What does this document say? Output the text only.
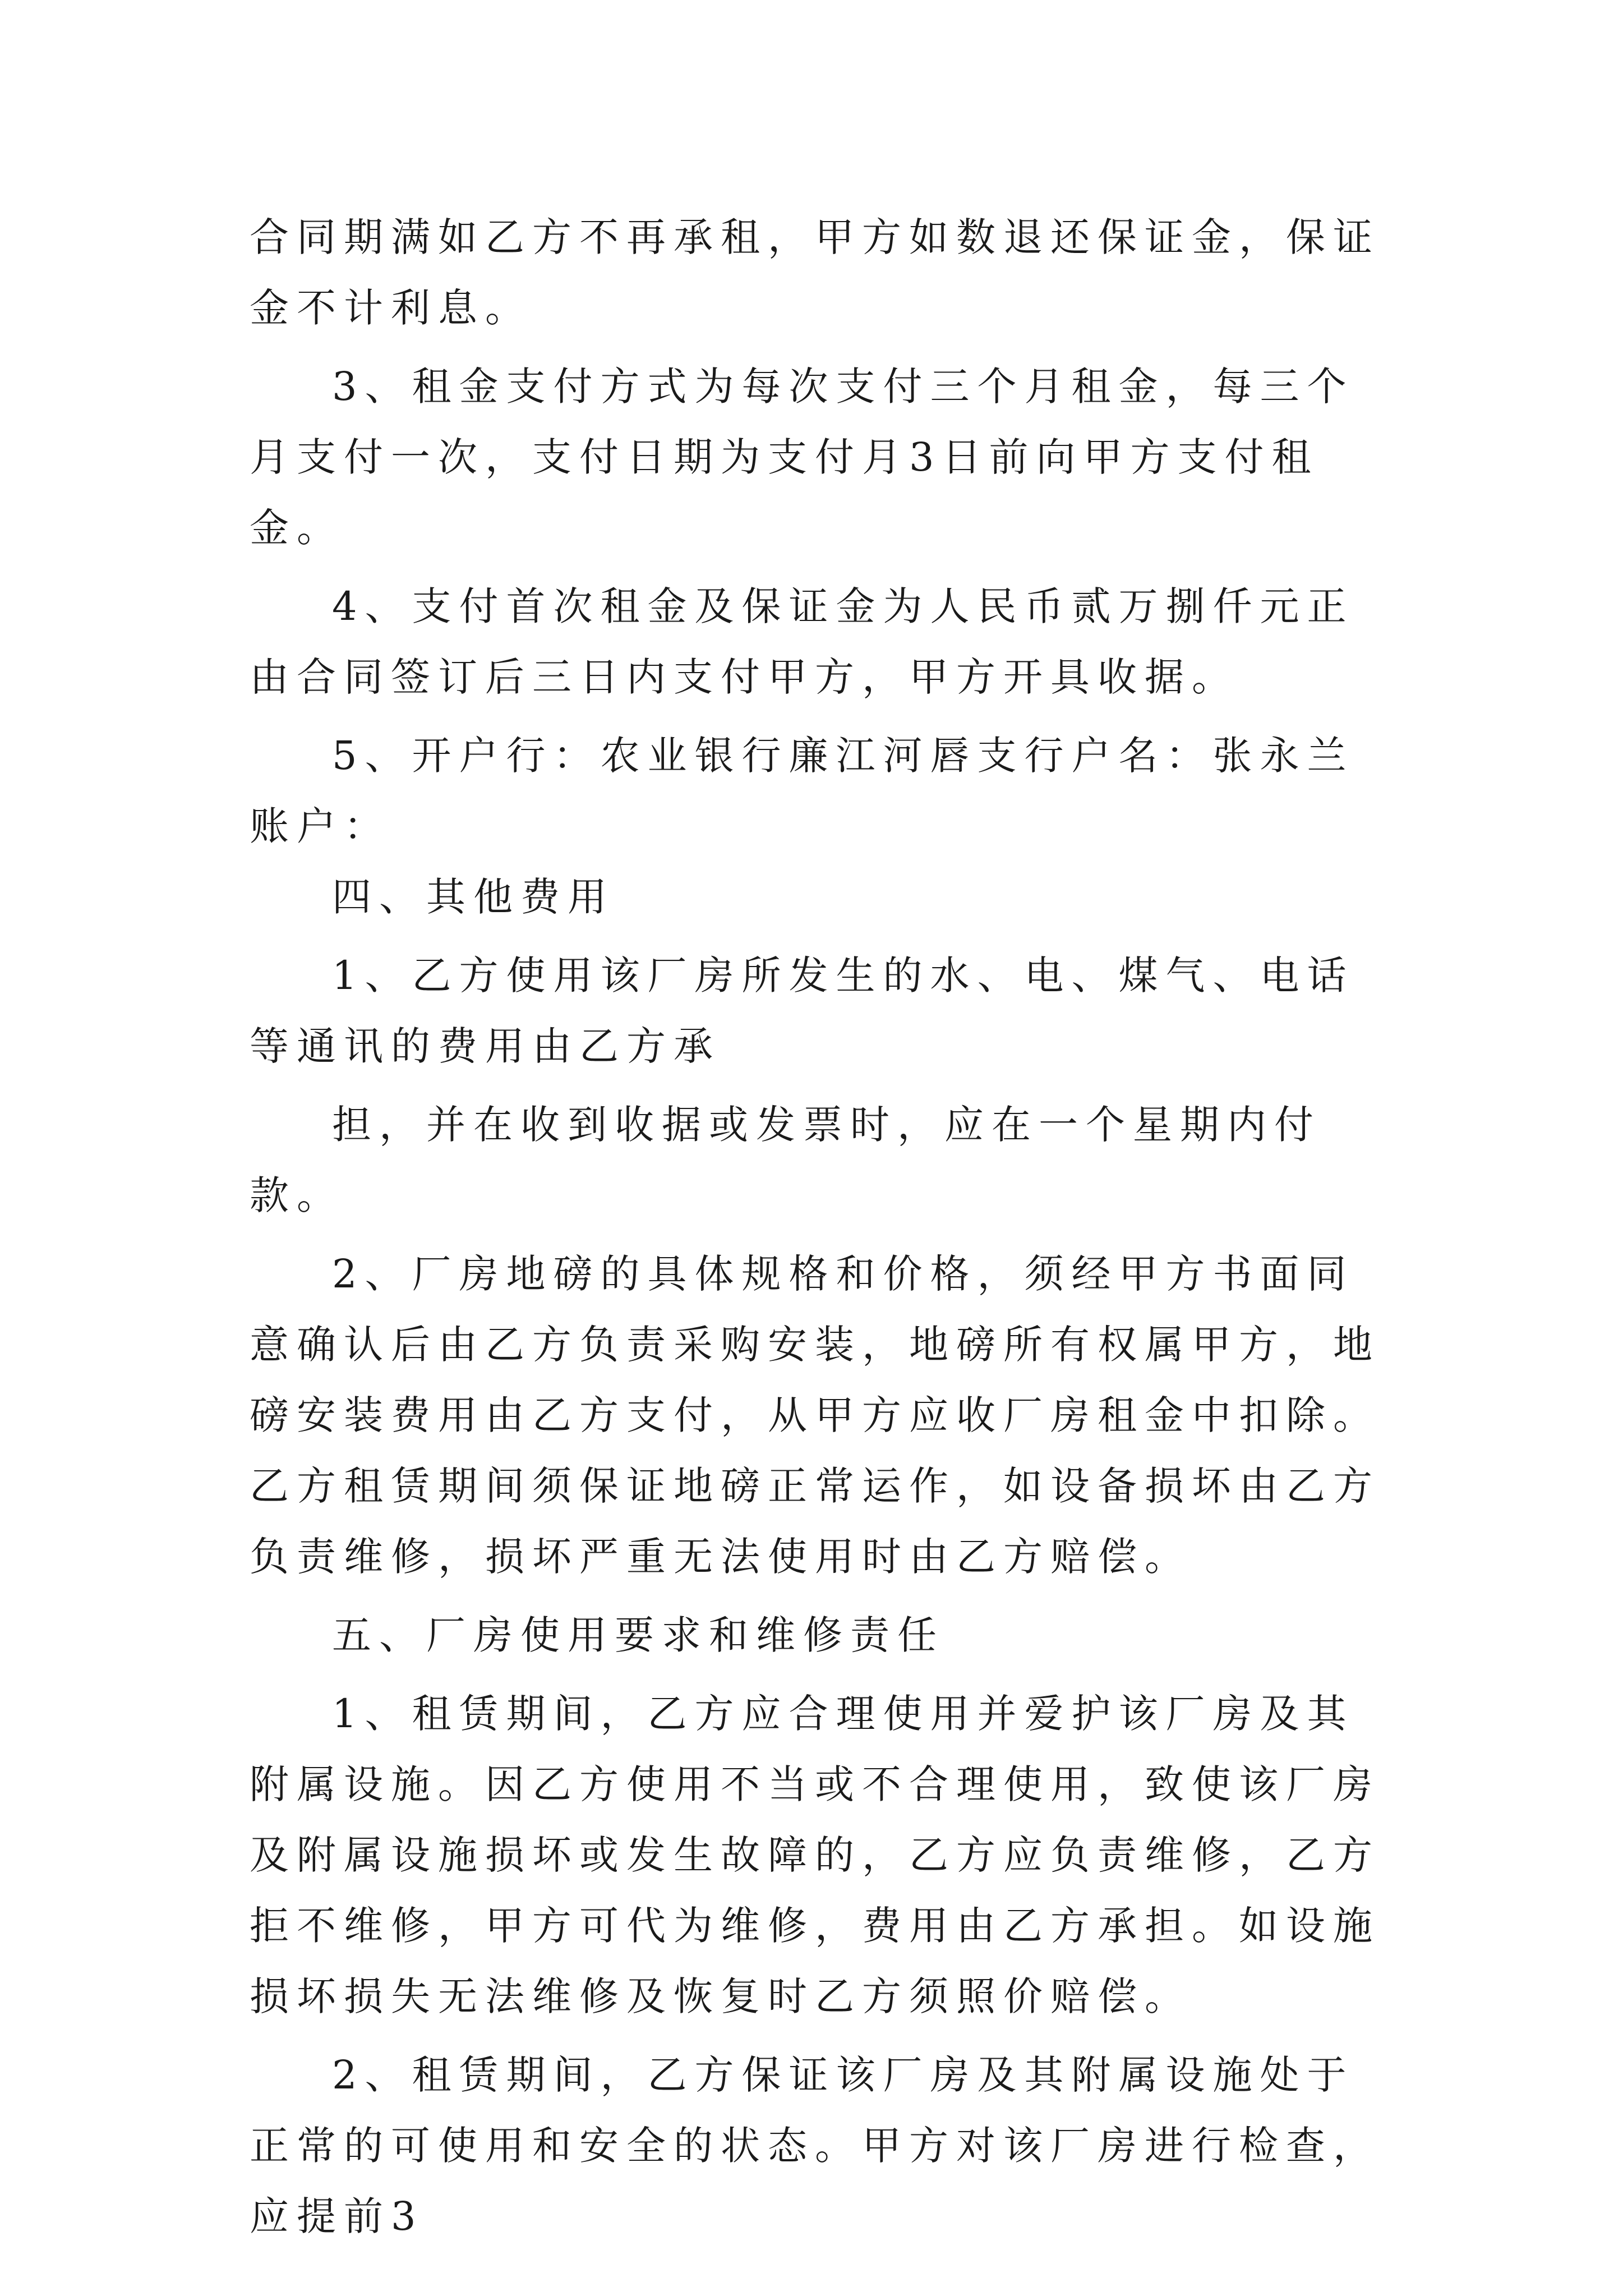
合同期满如乙方不再承租，甲方如数退还保证金，保证金不计利息。

3、租金支付方式为每次支付三个月租金，每三个月支付一次，支付日期为支付月3日前向甲方支付租金。

4、支付首次租金及保证金为人民币贰万捌仟元正由合同签订后三日内支付甲方，甲方开具收据。

5、开户行：农业银行廉江河唇支行户名：张永兰账户：

四、其他费用

1、乙方使用该厂房所发生的水、电、煤气、电话等通讯的费用由乙方承

担，并在收到收据或发票时，应在一个星期内付款。

2、厂房地磅的具体规格和价格，须经甲方书面同意确认后由乙方负责采购安装，地磅所有权属甲方，地磅安装费用由乙方支付，从甲方应收厂房租金中扣除。乙方租赁期间须保证地磅正常运作，如设备损坏由乙方负责维修，损坏严重无法使用时由乙方赔偿。

五、厂房使用要求和维修责任

1、租赁期间，乙方应合理使用并爱护该厂房及其附属设施。因乙方使用不当或不合理使用，致使该厂房及附属设施损坏或发生故障的，乙方应负责维修，乙方拒不维修，甲方可代为维修，费用由乙方承担。如设施损坏损失无法维修及恢复时乙方须照价赔偿。

2、租赁期间，乙方保证该厂房及其附属设施处于正常的可使用和安全的状态。甲方对该厂房进行检查，应提前3
